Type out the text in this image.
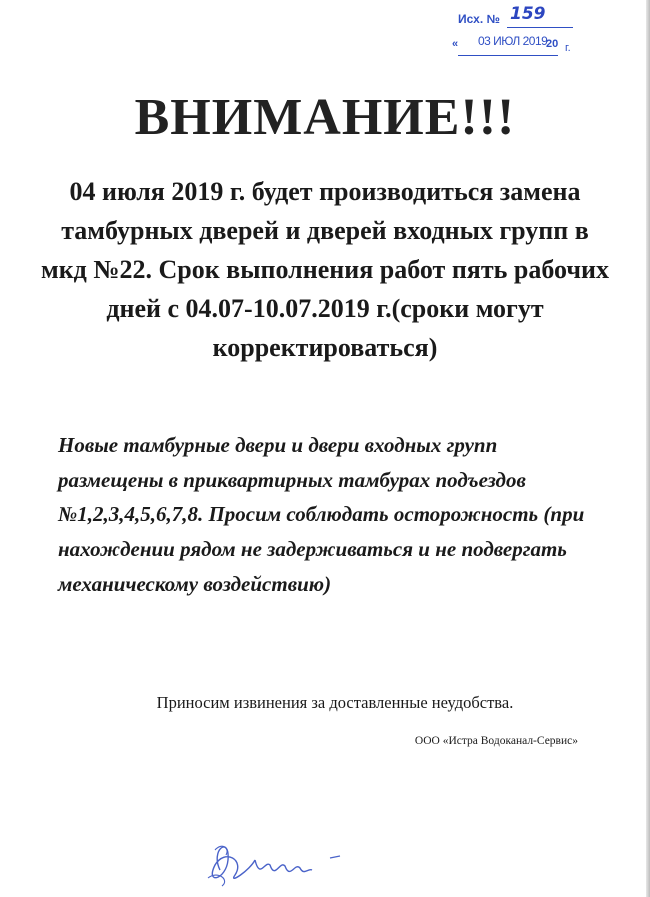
Исх. № 159
« 03 ИЮЛ 2019
20 г.
ВНИМАНИЕ!!!
04 июля 2019 г. будет производиться замена тамбурных дверей и дверей входных групп в мкд №22. Срок выполнения работ пять рабочих дней с 04.07-10.07.2019 г.(сроки могут корректироваться)
Новые тамбурные двери и двери входных групп размещены в приквартирных тамбурах подъездов №1,2,3,4,5,6,7,8. Просим соблюдать осторожность (при нахождении рядом не задерживаться и не подвергать механическому воздействию)
Приносим извинения за доставленные неудобства.
ООО «Истра Водоканал-Сервис»
